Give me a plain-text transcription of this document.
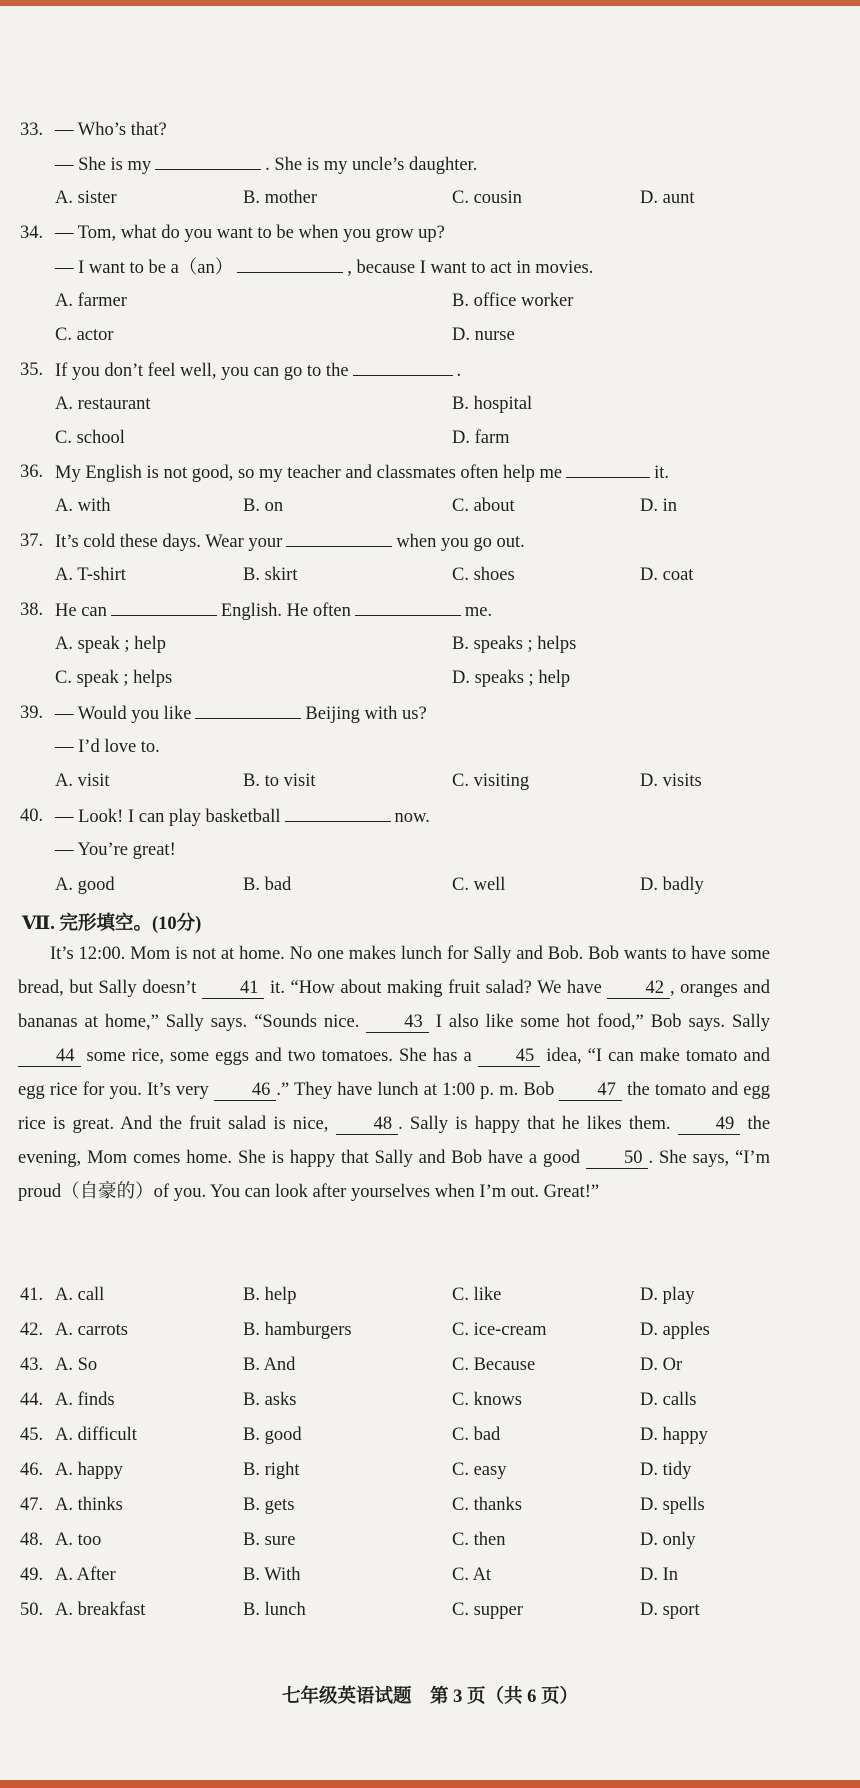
33. — Who’s that?
— She is my	. She is my uncle’s daughter.
A. sister	B. mother	C. cousin	D. aunt
34. — Tom, what do you want to be when you grow up?
— I want to be a（an）	, because I want to act in movies.
A. farmer	B. office worker
C. actor	D. nurse
35. If you don’t feel well, you can go to the	.
A. restaurant	B. hospital
C. school	D. farm
36. My English is not good, so my teacher and classmates often help me	it.
A. with	B. on	C. about	D. in
37. It’s cold these days. Wear your	when you go out.
A. T-shirt	B. skirt	C. shoes	D. coat
38. He can	English. He often	me.
A. speak ; help	B. speaks ; helps
C. speak ; helps	D. speaks ; help
39. — Would you like	Beijing with us?
— I’d love to.
A. visit	B. to visit	C. visiting	D. visits
40. — Look! I can play basketball	now.
— You’re great!
A. good	B. bad	C. well	D. badly
Ⅶ. 完形填空。(10分)
It’s 12:00. Mom is not at home. No one makes lunch for Sally and Bob. Bob wants to have some bread, but Sally doesn’t 41 it. “How about making fruit salad? We have 42 , oranges and bananas at home,” Sally says. “Sounds nice. 43 I also like some hot food,” Bob says. Sally 44 some rice, some eggs and two tomatoes. She has a 45 idea, “I can make tomato and egg rice for you. It’s very 46 .” They have lunch at 1:00 p. m. Bob 47 the tomato and egg rice is great. And the fruit salad is nice, 48 . Sally is happy that he likes them. 49 the evening, Mom comes home. She is happy that Sally and Bob have a good 50 . She says, “I’m proud（自豪的）of you. You can look after yourselves when I’m out. Great!”
41. A. call	B. help	C. like	D. play
42. A. carrots	B. hamburgers	C. ice-cream	D. apples
43. A. So	B. And	C. Because	D. Or
44. A. finds	B. asks	C. knows	D. calls
45. A. difficult	B. good	C. bad	D. happy
46. A. happy	B. right	C. easy	D. tidy
47. A. thinks	B. gets	C. thanks	D. spells
48. A. too	B. sure	C. then	D. only
49. A. After	B. With	C. At	D. In
50. A. breakfast	B. lunch	C. supper	D. sport
七年级英语试题　第 3 页（共 6 页）
